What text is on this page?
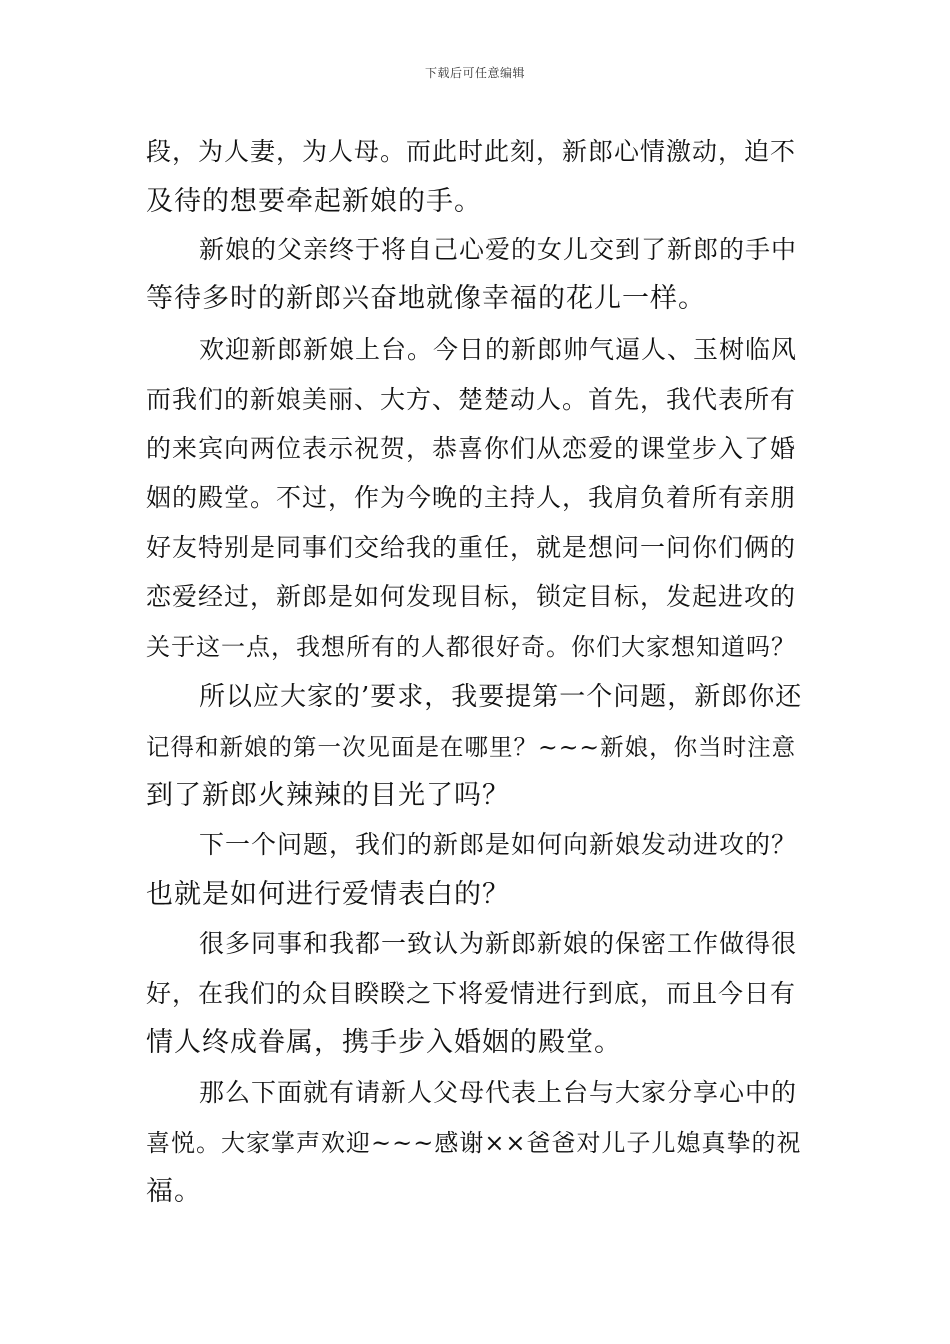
下载后可任意编辑
段，为人妻，为人母。而此时此刻，新郎心情激动，迫不
及待的想要牵起新娘的手。
新娘的父亲终于将自己心爱的女儿交到了新郎的手中
等待多时的新郎兴奋地就像幸福的花儿一样。
欢迎新郎新娘上台。今日的新郎帅气逼人、玉树临风
而我们的新娘美丽、大方、楚楚动人。首先，我代表所有
的来宾向两位表示祝贺，恭喜你们从恋爱的课堂步入了婚
姻的殿堂。不过，作为今晚的主持人，我肩负着所有亲朋
好友特别是同事们交给我的重任，就是想问一问你们俩的
恋爱经过，新郎是如何发现目标，锁定目标，发起进攻的
关于这一点，我想所有的人都很好奇。你们大家想知道吗？
所以应大家的’要求，我要提第一个问题，新郎你还
记得和新娘的第一次见面是在哪里？~~~新娘，你当时注意
到了新郎火辣辣的目光了吗？
下一个问题，我们的新郎是如何向新娘发动进攻的？
也就是如何进行爱情表白的？
很多同事和我都一致认为新郎新娘的保密工作做得很
好，在我们的众目睽睽之下将爱情进行到底，而且今日有
情人终成眷属，携手步入婚姻的殿堂。
那么下面就有请新人父母代表上台与大家分享心中的
喜悦。大家掌声欢迎~~~感谢××爸爸对儿子儿媳真挚的祝
福。
